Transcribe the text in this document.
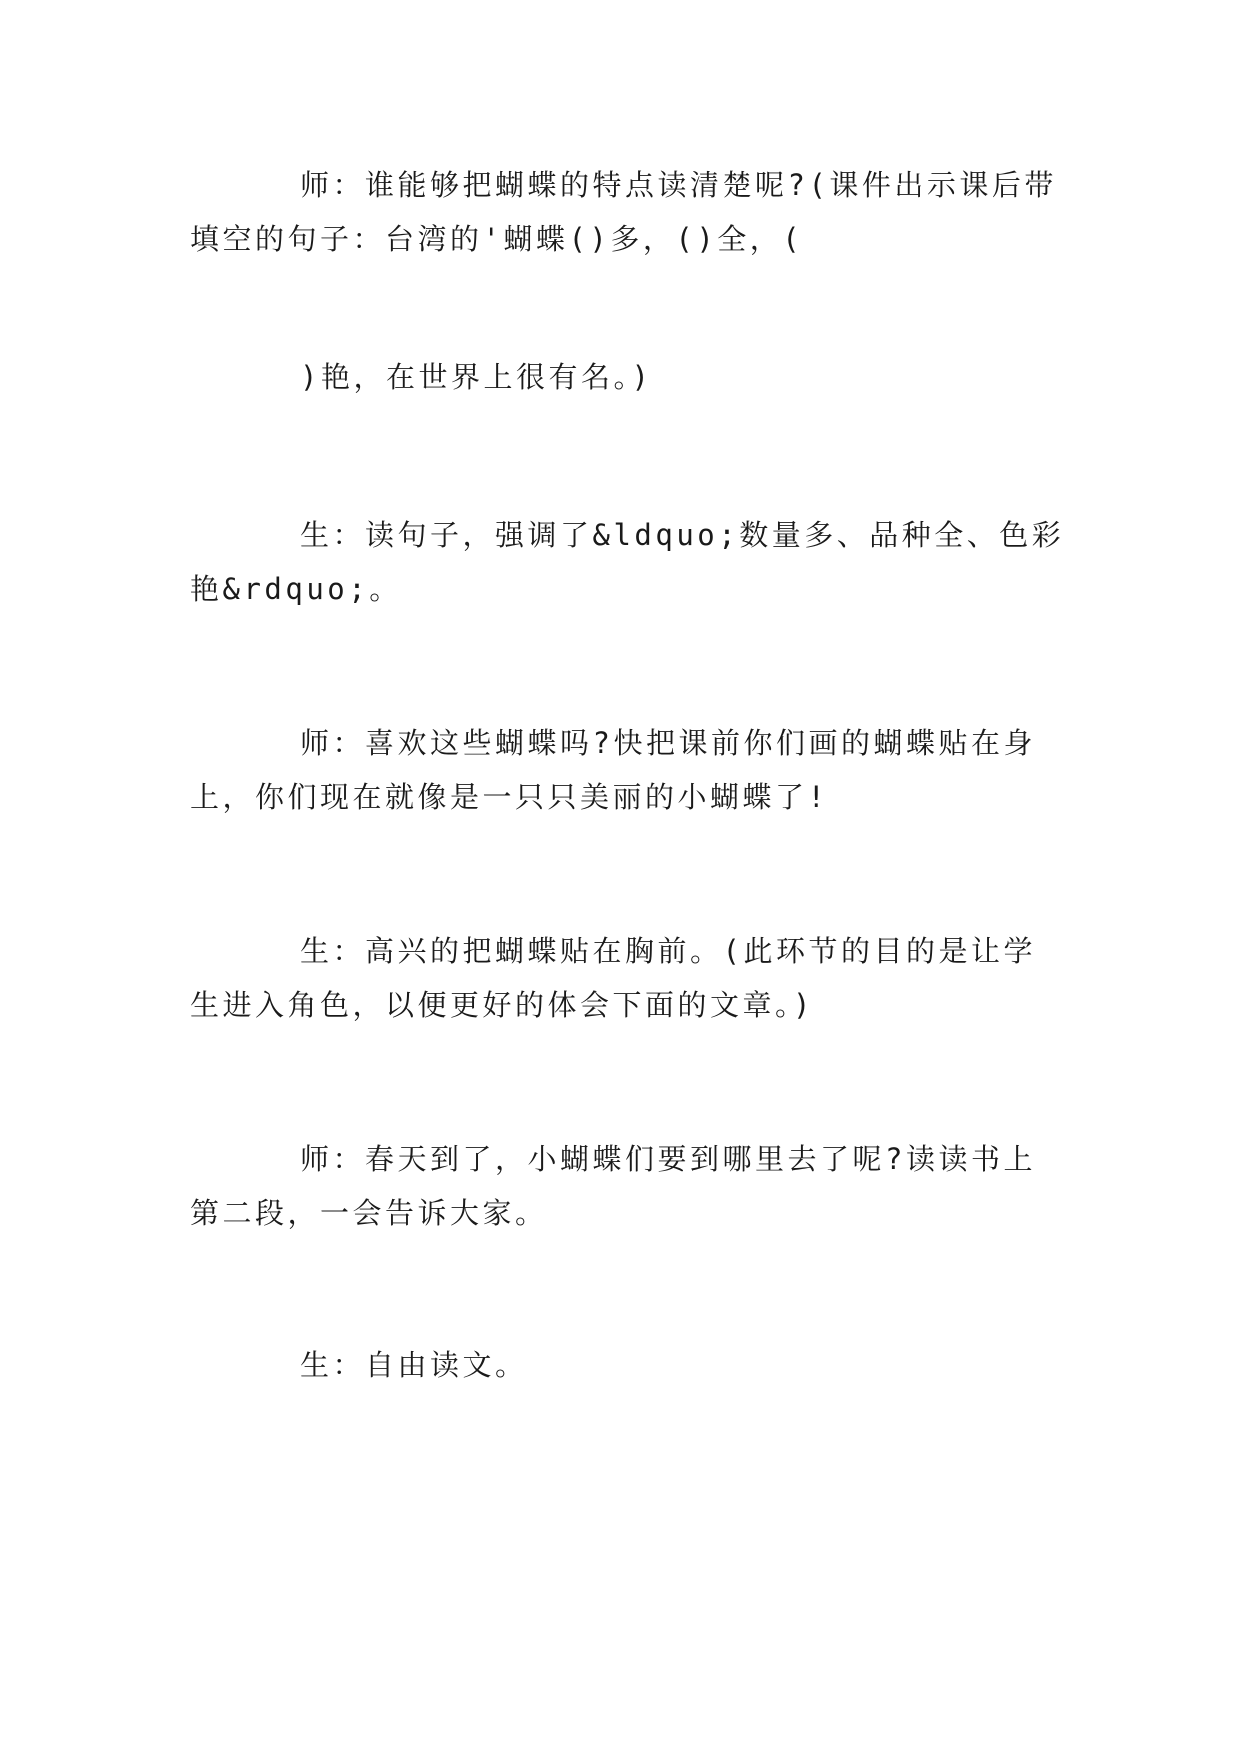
师：谁能够把蝴蝶的特点读清楚呢?(课件出示课后带
填空的句子：台湾的'蝴蝶()多，()全，(

)艳，在世界上很有名。)

生：读句子，强调了&ldquo;数量多、品种全、色彩
艳&rdquo;。

师：喜欢这些蝴蝶吗?快把课前你们画的蝴蝶贴在身
上，你们现在就像是一只只美丽的小蝴蝶了!

生：高兴的把蝴蝶贴在胸前。(此环节的目的是让学
生进入角色，以便更好的体会下面的文章。)

师：春天到了，小蝴蝶们要到哪里去了呢?读读书上
第二段，一会告诉大家。

生：自由读文。
